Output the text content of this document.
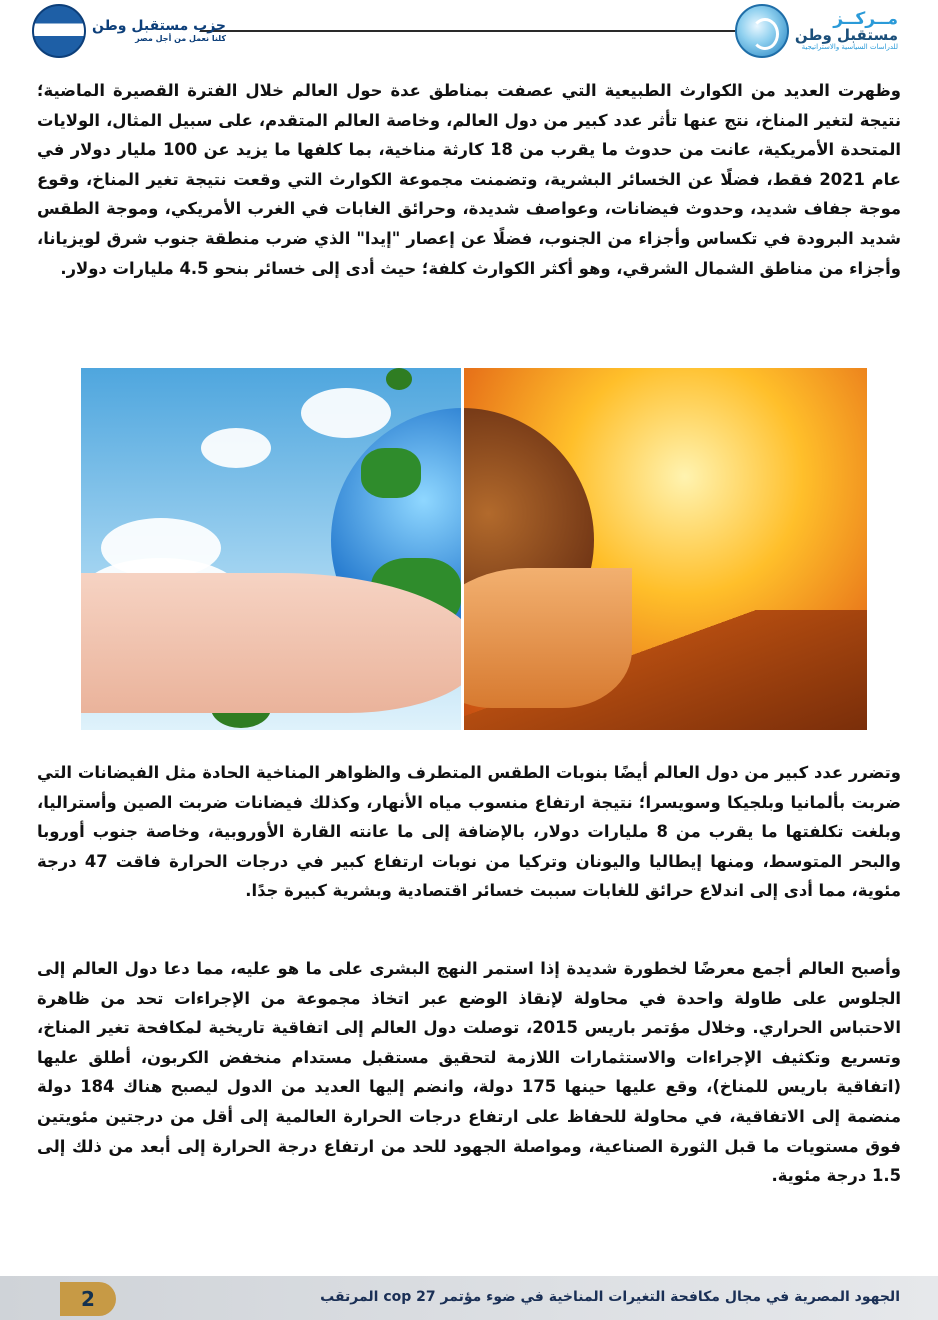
مــركــز
مستقبل وطن
للدراسات السياسية والاستراتيجية
حزب مستقبل وطن
كلنا نعمل من أجل مصر

وظهرت العديد من الكوارث الطبيعية التي عصفت بمناطق عدة حول العالم خلال الفترة القصيرة الماضية؛ نتيجة لتغير المناخ، نتج عنها تأثر عدد كبير من دول العالم، وخاصة العالم المتقدم، على سبيل المثال، الولايات المتحدة الأمريكية، عانت من حدوث ما يقرب من 18 كارثة مناخية، بما كلفها ما يزيد عن 100 مليار دولار في عام 2021 فقط، فضلًا عن الخسائر البشرية، وتضمنت مجموعة الكوارث التي وقعت نتيجة تغير المناخ، وقوع موجة جفاف شديد، وحدوث فيضانات، وعواصف شديدة، وحرائق الغابات في الغرب الأمريكي، وموجة الطقس شديد البرودة في تكساس وأجزاء من الجنوب، فضلًا عن إعصار "إيدا" الذي ضرب منطقة جنوب شرق لويزيانا، وأجزاء من مناطق الشمال الشرقي، وهو أكثر الكوارث كلفة؛ حيث أدى إلى خسائر بنحو 4.5 مليارات دولار.

وتضرر عدد كبير من دول العالم أيضًا بنوبات الطقس المتطرف والظواهر المناخية الحادة مثل الفيضانات التي ضربت بألمانيا وبلجيكا وسويسرا؛ نتيجة ارتفاع منسوب مياه الأنهار، وكذلك فيضانات ضربت الصين وأستراليا، وبلغت تكلفتها ما يقرب من 8 مليارات دولار، بالإضافة إلى ما عانته القارة الأوروبية، وخاصة جنوب أوروبا والبحر المتوسط، ومنها إيطاليا واليونان وتركيا من نوبات ارتفاع كبير في درجات الحرارة فاقت 47 درجة مئوية، مما أدى إلى اندلاع حرائق للغابات سببت خسائر اقتصادية وبشرية كبيرة جدًا.

وأصبح العالم أجمع معرضًا لخطورة شديدة إذا استمر النهج البشرى على ما هو عليه، مما دعا دول العالم إلى الجلوس على طاولة واحدة في محاولة لإنقاذ الوضع عبر اتخاذ مجموعة من الإجراءات تحد من ظاهرة الاحتباس الحراري. وخلال مؤتمر باريس 2015، توصلت دول العالم إلى اتفاقية تاريخية لمكافحة تغير المناخ، وتسريع وتكثيف الإجراءات والاستثمارات اللازمة لتحقيق مستقبل مستدام منخفض الكربون، أطلق عليها (اتفاقية باريس للمناخ)، وقع عليها حينها 175 دولة، وانضم إليها العديد من الدول ليصبح هناك 184 دولة منضمة إلى الاتفاقية، في محاولة للحفاظ على ارتفاع درجات الحرارة العالمية إلى أقل من درجتين مئويتين فوق مستويات ما قبل الثورة الصناعية، ومواصلة الجهود للحد من ارتفاع درجة الحرارة إلى أبعد من ذلك إلى 1.5 درجة مئوية.

2	الجهود المصرية في مجال مكافحة التغيرات المناخية في ضوء مؤتمر cop 27 المرتقب
